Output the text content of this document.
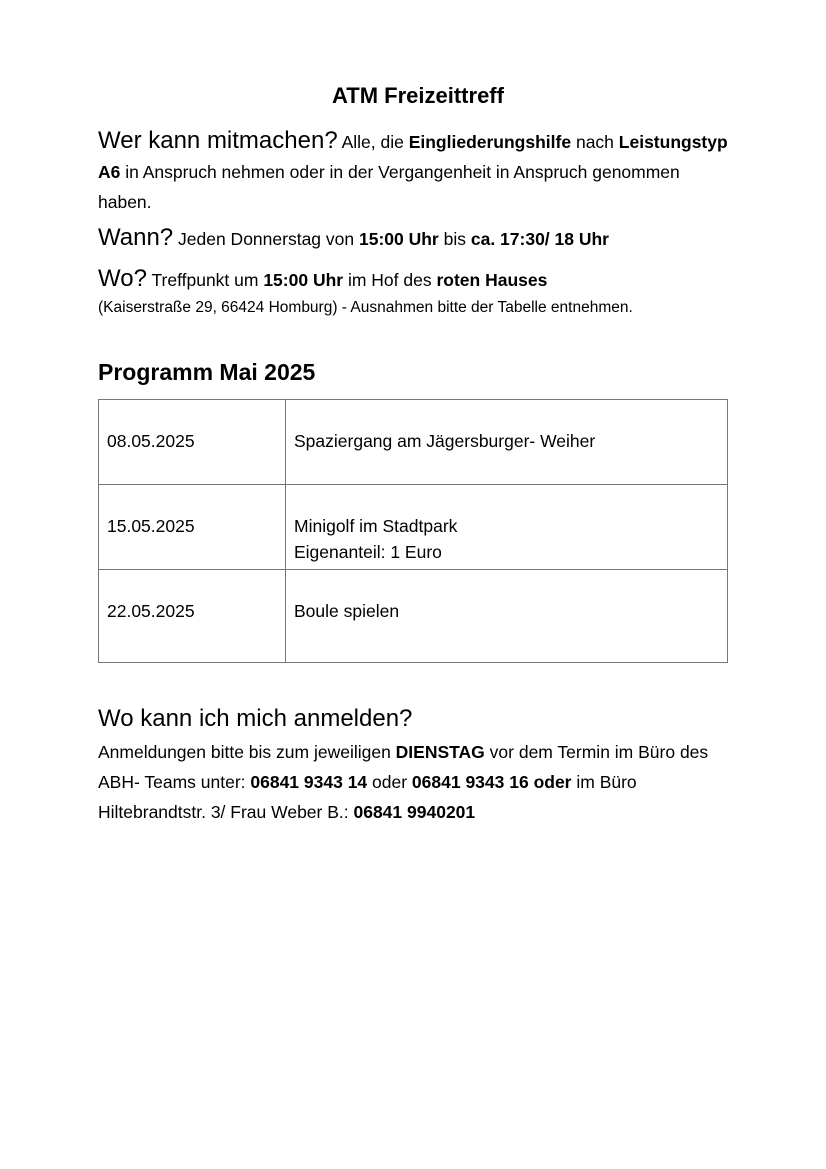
ATM Freizeittreff

Wer kann mitmachen? Alle, die Eingliederungshilfe nach Leistungstyp A6 in Anspruch nehmen oder in der Vergangenheit in Anspruch genommen haben.

Wann? Jeden Donnerstag von 15:00 Uhr bis ca. 17:30/ 18 Uhr

Wo? Treffpunkt um 15:00 Uhr im Hof des roten Hauses

(Kaiserstraße 29, 66424 Homburg) - Ausnahmen bitte der Tabelle entnehmen.

Programm Mai 2025
08.05.2025	Spaziergang am Jägersburger- Weiher

15.05.2025	Minigolf im Stadtpark
Eigenanteil: 1 Euro

22.05.2025	Boule spielen
Wo kann ich mich anmelden?

Anmeldungen bitte bis zum jeweiligen DIENSTAG vor dem Termin im Büro des ABH- Teams unter: 06841 9343 14 oder 06841 9343 16 oder im Büro Hiltebrandtstr. 3/ Frau Weber B.: 06841 9940201
